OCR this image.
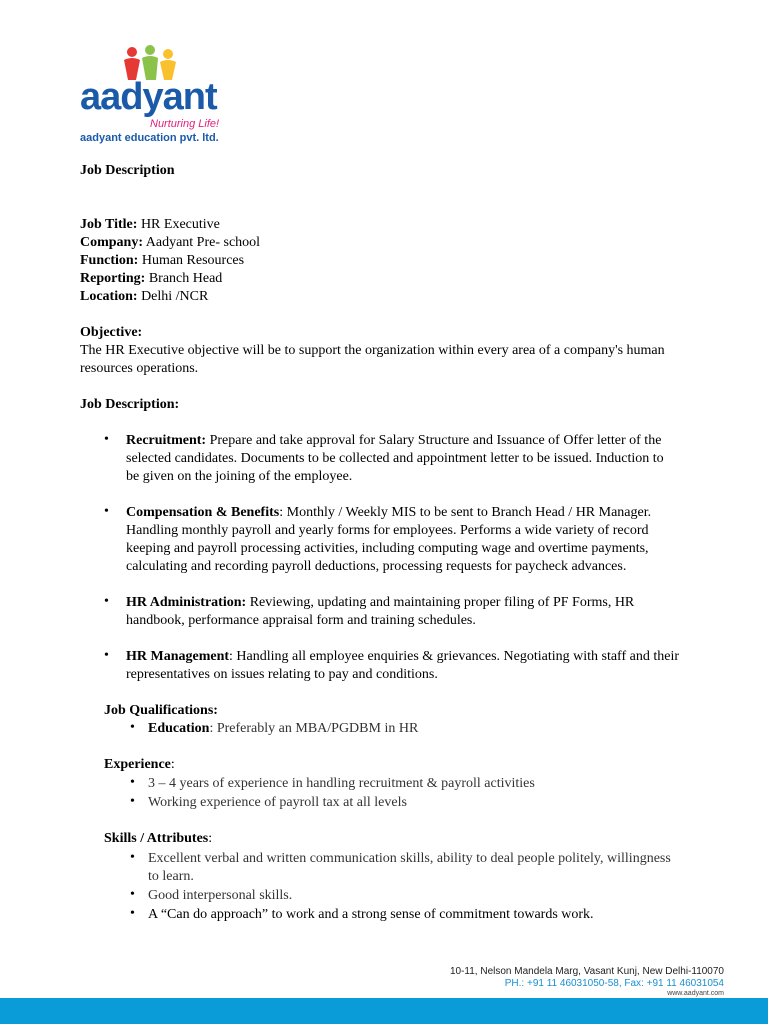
aadyant
Nurturing Life!
aadyant education pvt. ltd.
Job Description
Job Title: HR Executive
Company: Aadyant Pre- school
Function: Human Resources
Reporting: Branch Head
Location: Delhi /NCR
Objective:
The HR Executive objective will be to support the organization within every area of a company's human
resources operations.
Job Description:
• Recruitment: Prepare and take approval for Salary Structure and Issuance of Offer letter of the
selected candidates. Documents to be collected and appointment letter to be issued. Induction to
be given on the joining of the employee.
• Compensation & Benefits: Monthly / Weekly MIS to be sent to Branch Head / HR Manager.
Handling monthly payroll and yearly forms for employees. Performs a wide variety of record
keeping and payroll processing activities, including computing wage and overtime payments,
calculating and recording payroll deductions, processing requests for paycheck advances.
• HR Administration: Reviewing, updating and maintaining proper filing of PF Forms, HR
handbook, performance appraisal form and training schedules.
• HR Management: Handling all employee enquiries & grievances. Negotiating with staff and their
representatives on issues relating to pay and conditions.
Job Qualifications:
• Education: Preferably an MBA/PGDBM in HR
Experience:
• 3 – 4 years of experience in handling recruitment & payroll activities
• Working experience of payroll tax at all levels
Skills / Attributes:
• Excellent verbal and written communication skills, ability to deal people politely, willingness
to learn.
• Good interpersonal skills.
• A “Can do approach” to work and a strong sense of commitment towards work.
10-11, Nelson Mandela Marg, Vasant Kunj, New Delhi-110070
PH.: +91 11 46031050-58, Fax: +91 11 46031054
www.aadyant.com
